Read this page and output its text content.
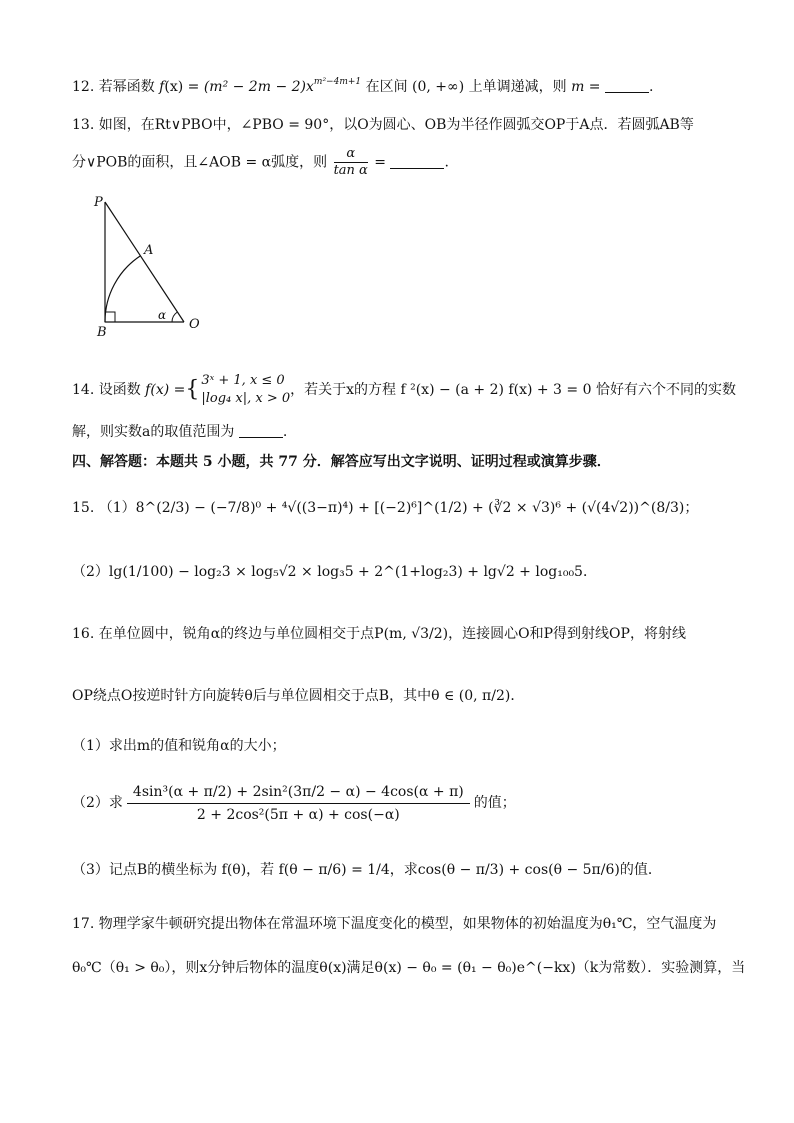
12. 若幂函数 $f(x) = (m^2 - 2m - 2)x^{m^2-4m+1}$ 在区间 (0, +∞) 上单调递减，则 m =	.
13. 如图，在Rt∨PBO中，∠PBO = 90°，以O为圆心、OB为半径作圆弧交OP于A点．若圆弧AB等
分∨POB的面积，且∠AOB = α弧度，则 $\frac{\alpha}{\text{tan α}}$ =	.
P
A
B
O
α
14.
设函数
f(x) = { 3ˣ + 1, x ≤ 0
|log₄ x|, x > 0
，若关于x的方程 f ²(x) − (a + 2) f(x) + 3 = 0 恰好有六个不同的实数
解，则实数a的取值范围为	.
四、解答题：本题共 5 小题，共 77 分．解答应写出文字说明、证明过程或演算步骤．
15. （1）8^(2/3) − (−7/8)⁰ + ⁴√((3−π)⁴) + [(−2)⁶]^(1/2) + (∛2 × √3)⁶ + (√(4√2))^(8/3)；
（2）lg(1/100) − log₂3 × log₅√2 × log₃5 + 2^(1+log₂3) + lg√2 + log₁₀₀5．
16. 在单位圆中，锐角α的终边与单位圆相交于点P(m, √3/2)，连接圆心O和P得到射线OP，将射线
OP绕点O按逆时针方向旋转θ后与单位圆相交于点B，其中θ ∈ (0, π/2)．
（1）求出m的值和锐角α的大小；
（2）求 $\frac{\text{4sin³(α + π/2) + 2sin²(3π/2 − α) − 4cos(α + π)}}{\text{2 + 2cos²(5π + α) + cos(−α)}}$ 的值；
（3）记点B的横坐标为 f(θ)，若 f(θ − π/6) = 1/4，求cos(θ − π/3) + cos(θ − 5π/6)的值．
17. 物理学家牛顿研究提出物体在常温环境下温度变化的模型，如果物体的初始温度为θ₁℃，空气温度为
θ₀℃（θ₁ > θ₀），则x分钟后物体的温度θ(x)满足θ(x) − θ₀ = (θ₁ − θ₀)e^(−kx)（k为常数）．实验测算，当
